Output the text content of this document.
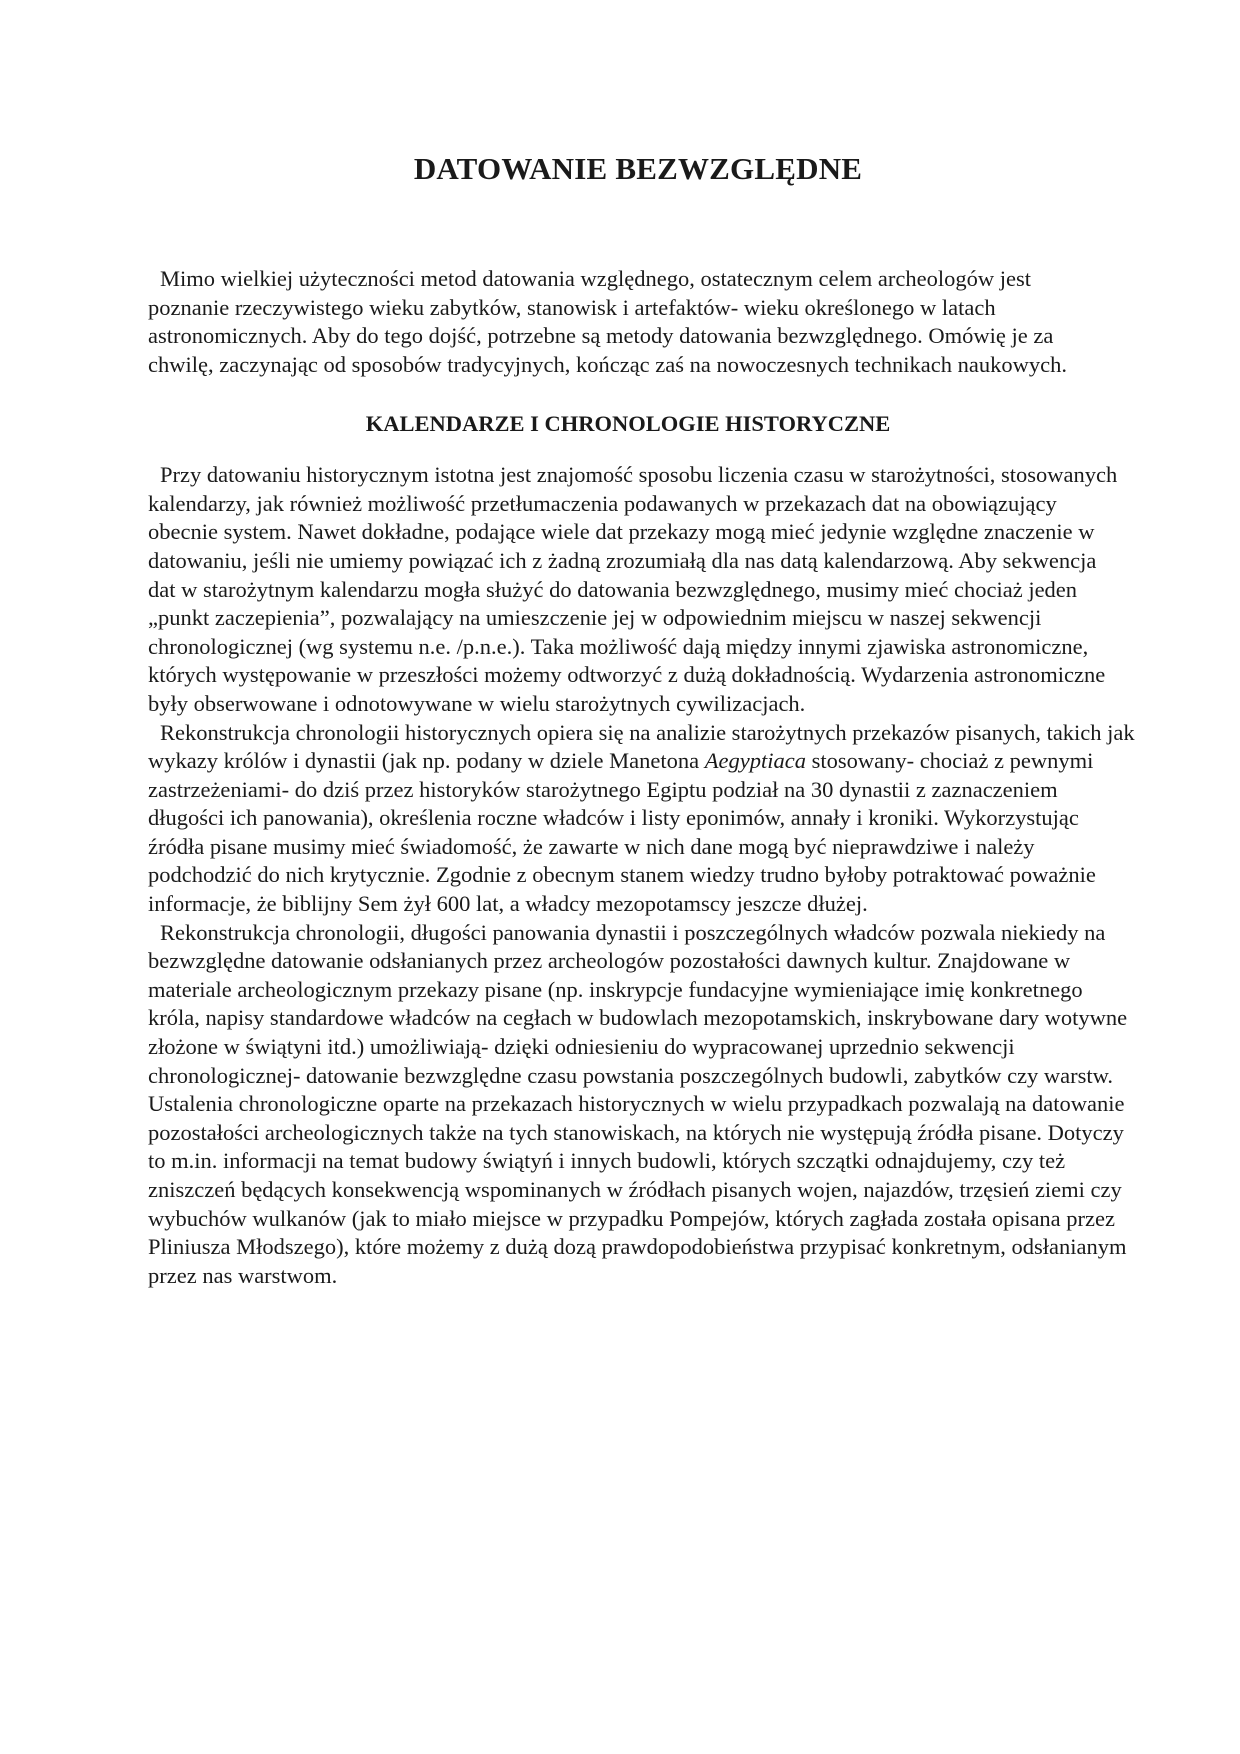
DATOWANIE BEZWZGLĘDNE

Mimo wielkiej użyteczności metod datowania względnego, ostatecznym celem archeologów jest poznanie rzeczywistego wieku zabytków, stanowisk i artefaktów- wieku określonego w latach astronomicznych. Aby do tego dojść, potrzebne są metody datowania bezwzględnego. Omówię je za chwilę, zaczynając od sposobów tradycyjnych, kończąc zaś na nowoczesnych technikach naukowych.

KALENDARZE I CHRONOLOGIE HISTORYCZNE

Przy datowaniu historycznym istotna jest znajomość sposobu liczenia czasu w starożytności, stosowanych kalendarzy, jak również możliwość przetłumaczenia podawanych w przekazach dat na obowiązujący obecnie system. Nawet dokładne, podające wiele dat przekazy mogą mieć jedynie względne znaczenie w datowaniu, jeśli nie umiemy powiązać ich z żadną zrozumiałą dla nas datą kalendarzową. Aby sekwencja dat w starożytnym kalendarzu mogła służyć do datowania bezwzględnego, musimy mieć chociaż jeden „punkt zaczepienia”, pozwalający na umieszczenie jej w odpowiednim miejscu w naszej sekwencji chronologicznej (wg systemu n.e. /p.n.e.). Taka możliwość dają między innymi zjawiska astronomiczne, których występowanie w przeszłości możemy odtworzyć z dużą dokładnością. Wydarzenia astronomiczne były obserwowane i odnotowywane w wielu starożytnych cywilizacjach.

Rekonstrukcja chronologii historycznych opiera się na analizie starożytnych przekazów pisanych, takich jak wykazy królów i dynastii (jak np. podany w dziele Manetona Aegyptiaca stosowany- chociaż z pewnymi zastrzeżeniami- do dziś przez historyków starożytnego Egiptu podział na 30 dynastii z zaznaczeniem długości ich panowania), określenia roczne władców i listy eponimów, annały i kroniki. Wykorzystując źródła pisane musimy mieć świadomość, że zawarte w nich dane mogą być nieprawdziwe i należy podchodzić do nich krytycznie. Zgodnie z obecnym stanem wiedzy trudno byłoby potraktować poważnie informacje, że biblijny Sem żył 600 lat, a władcy mezopotamscy jeszcze dłużej.

Rekonstrukcja chronologii, długości panowania dynastii i poszczególnych władców pozwala niekiedy na bezwzględne datowanie odsłanianych przez archeologów pozostałości dawnych kultur. Znajdowane w materiale archeologicznym przekazy pisane (np. inskrypcje fundacyjne wymieniające imię konkretnego króla, napisy standardowe władców na cegłach w budowlach mezopotamskich, inskrybowane dary wotywne złożone w świątyni itd.) umożliwiają- dzięki odniesieniu do wypracowanej uprzednio sekwencji chronologicznej- datowanie bezwzględne czasu powstania poszczególnych budowli, zabytków czy warstw. Ustalenia chronologiczne oparte na przekazach historycznych w wielu przypadkach pozwalają na datowanie pozostałości archeologicznych także na tych stanowiskach, na których nie występują źródła pisane. Dotyczy to m.in. informacji na temat budowy świątyń i innych budowli, których szczątki odnajdujemy, czy też zniszczeń będących konsekwencją wspominanych w źródłach pisanych wojen, najazdów, trzęsień ziemi czy wybuchów wulkanów (jak to miało miejsce w przypadku Pompejów, których zagłada została opisana przez Pliniusza Młodszego), które możemy z dużą dozą prawdopodobieństwa przypisać konkretnym, odsłanianym przez nas warstwom.
